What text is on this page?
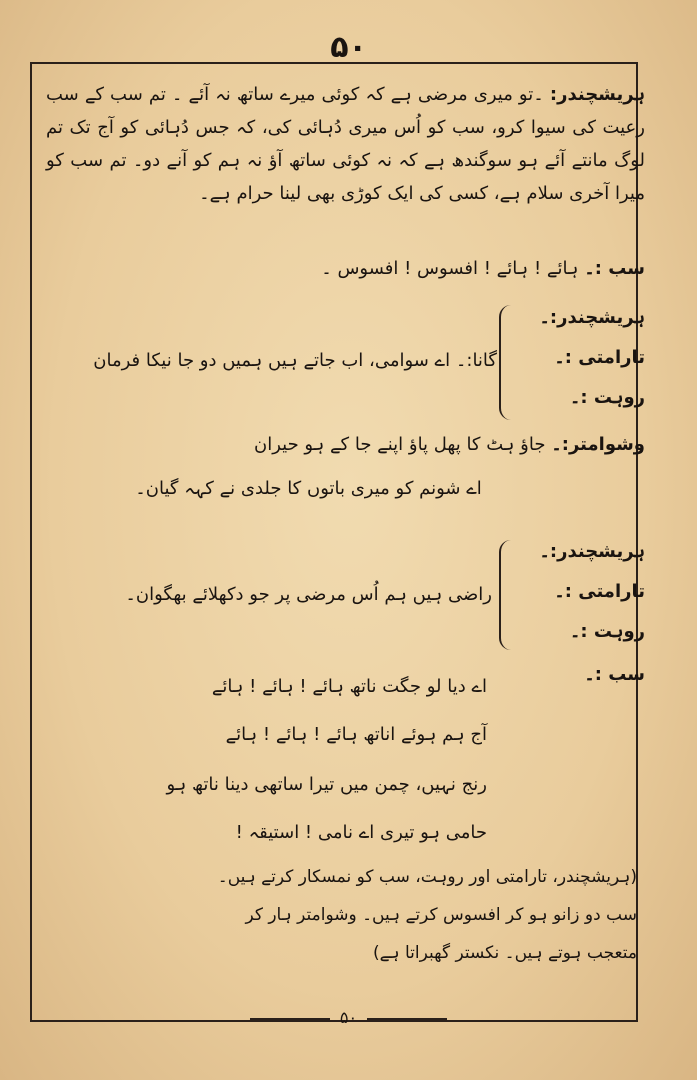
۵۰
ہریشچندر: ۔تو میری مرضی ہے کہ کوئی میرے ساتھ نہ آئے ۔ تم سب کے سب رعیت کی سیوا کرو، سب کو اُس میری دُہائی کی، کہ جس دُہائی کو آج تک تم لوگ مانتے آئے ہو سوگندھ ہے کہ نہ کوئی ساتھ آؤ نہ ہم کو آنے دو۔ تم سب کو میرا آخری سلام ہے، کسی کی ایک کوڑی بھی لینا حرام ہے۔
سب :۔ ہائے ! ہائے ! افسوس ! افسوس ۔
ہریشچندر:۔
تارامتی :۔
روہت :۔
گانا:۔ اے سوامی، اب جاتے ہیں ہمیں دو جا نیکا فرمان
وشوامتر:۔ جاؤ ہٹ کا پھل پاؤ اپنے جا کے ہو حیران
اے شونم کو میری باتوں کا جلدی نے کہہ گیان۔
ہریشچندر:۔
تارامتی :۔
روہت :۔
راضی ہیں ہم اُس مرضی پر جو دکھلائے بھگوان۔
سب :۔
اے دیا لو جگت ناتھ ہائے ! ہائے ! ہائے
آج ہم ہوئے اناتھ ہائے ! ہائے ! ہائے
رنج نہیں، چمن میں تیرا ساتھی دینا ناتھ ہو
حامی ہو تیری اے نامی ! استیقہ !
(ہریشچندر، تارامتی اور روہت، سب کو نمسکار کرتے ہیں۔
سب دو زانو ہو کر افسوس کرتے ہیں۔ وشوامتر ہار کر
متعجب ہوتے ہیں۔ نکستر گھبراتا ہے)
۵۰
